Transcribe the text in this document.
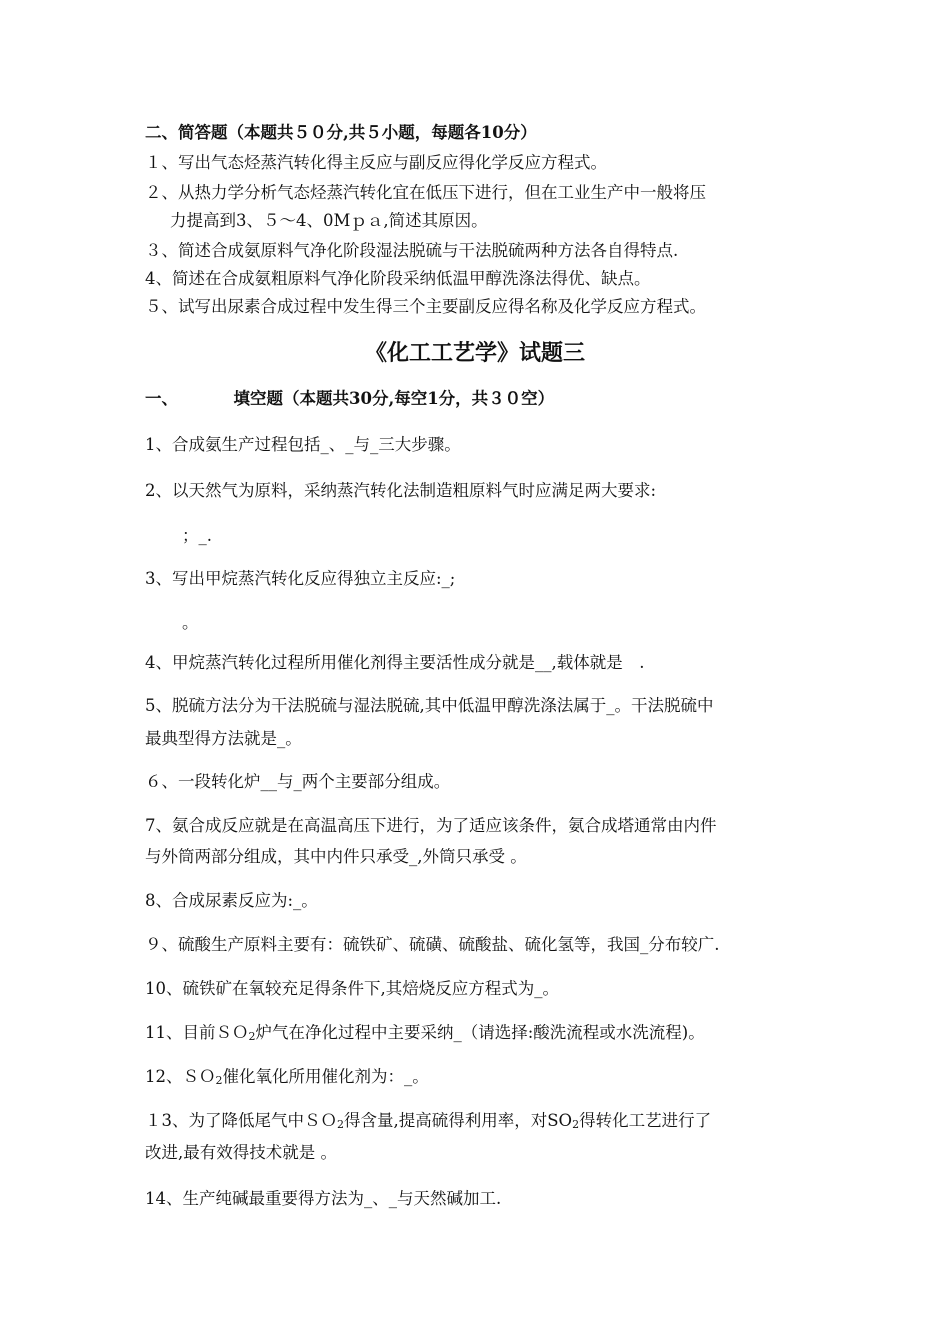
二、简答题（本题共５０分,共５小题，每题各10分）
１、写出气态烃蒸汽转化得主反应与副反应得化学反应方程式。
２、从热力学分析气态烃蒸汽转化宜在低压下进行，但在工业生产中一般将压
力提高到3、５～4、0Mｐａ,简述其原因。
３、简述合成氨原料气净化阶段湿法脱硫与干法脱硫两种方法各自得特点.
4、简述在合成氨粗原料气净化阶段采纳低温甲醇洗涤法得优、缺点。
５、试写出尿素合成过程中发生得三个主要副反应得名称及化学反应方程式。
《化工工艺学》试题三
一、	填空题（本题共30分,每空1分，共３０空）
1、合成氨生产过程包括_、_与_三大步骤。
2、以天然气为原料，采纳蒸汽转化法制造粗原料气时应满足两大要求:
；_.
3、写出甲烷蒸汽转化反应得独立主反应:_;
。
4、甲烷蒸汽转化过程所用催化剂得主要活性成分就是__,载体就是　.
5、脱硫方法分为干法脱硫与湿法脱硫,其中低温甲醇洗涤法属于_。干法脱硫中
最典型得方法就是_。
６、一段转化炉__与_两个主要部分组成。
7、氨合成反应就是在高温高压下进行，为了适应该条件，氨合成塔通常由内件
与外筒两部分组成，其中内件只承受_,外筒只承受 。
8、合成尿素反应为:_。
９、硫酸生产原料主要有：硫铁矿、硫磺、硫酸盐、硫化氢等，我国_分布较广.
10、硫铁矿在氧较充足得条件下,其焙烧反应方程式为_。
11、目前ＳＯ2炉气在净化过程中主要采纳_（请选择:酸洗流程或水洗流程)。
12、ＳＯ2催化氧化所用催化剂为：_。
１3、为了降低尾气中ＳＯ2得含量,提高硫得利用率，对SO2得转化工艺进行了
改进,最有效得技术就是 。
14、生产纯碱最重要得方法为_、_与天然碱加工.
